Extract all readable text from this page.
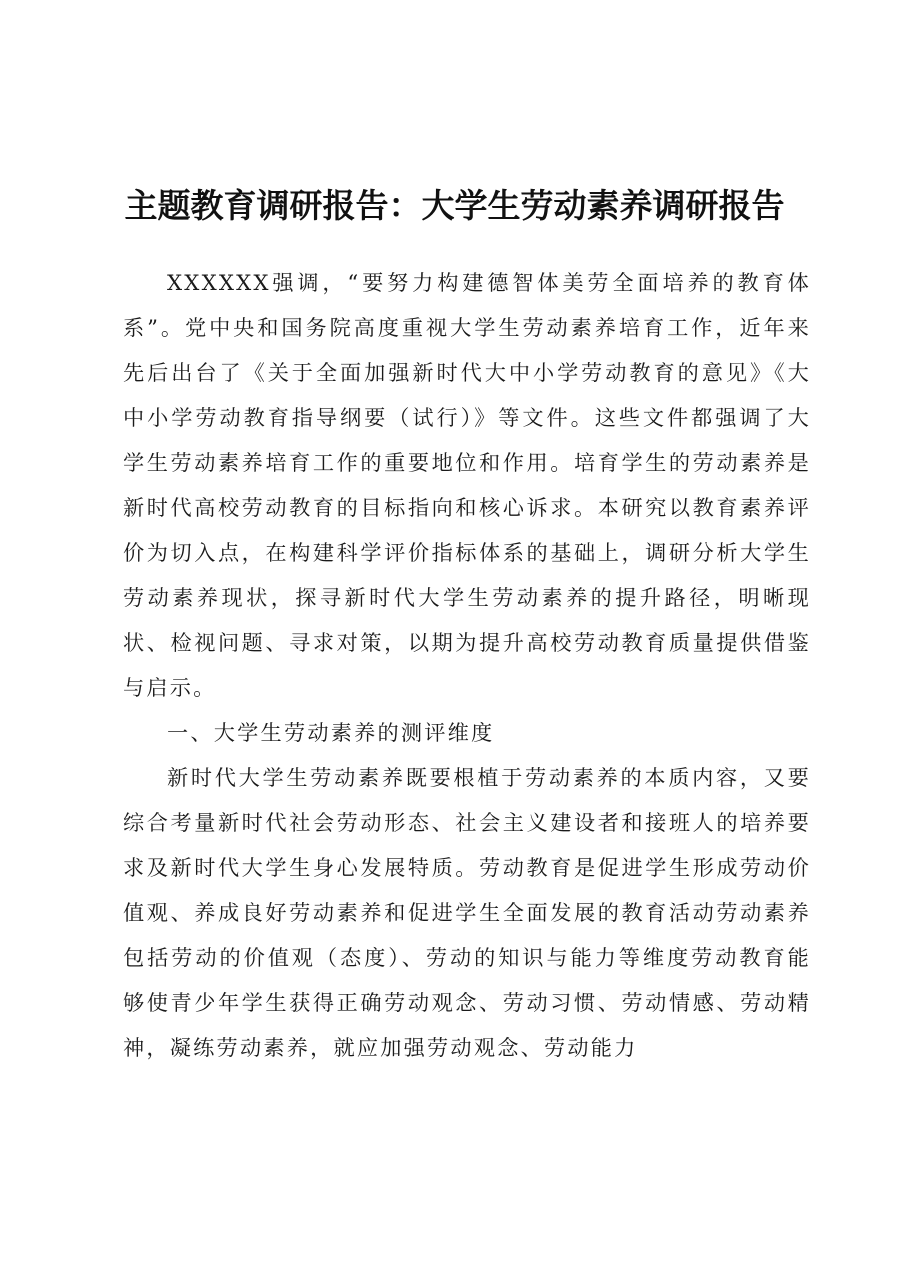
主题教育调研报告：大学生劳动素养调研报告

XXXXXX强调，“要努力构建德智体美劳全面培养的教育体系”。党中央和国务院高度重视大学生劳动素养培育工作，近年来先后出台了《关于全面加强新时代大中小学劳动教育的意见》《大中小学劳动教育指导纲要（试行）》等文件。这些文件都强调了大学生劳动素养培育工作的重要地位和作用。培育学生的劳动素养是新时代高校劳动教育的目标指向和核心诉求。本研究以教育素养评价为切入点，在构建科学评价指标体系的基础上，调研分析大学生劳动素养现状，探寻新时代大学生劳动素养的提升路径，明晰现状、检视问题、寻求对策，以期为提升高校劳动教育质量提供借鉴与启示。

一、大学生劳动素养的测评维度

新时代大学生劳动素养既要根植于劳动素养的本质内容，又要综合考量新时代社会劳动形态、社会主义建设者和接班人的培养要求及新时代大学生身心发展特质。劳动教育是促进学生形成劳动价值观、养成良好劳动素养和促进学生全面发展的教育活动劳动素养包括劳动的价值观（态度）、劳动的知识与能力等维度劳动教育能够使青少年学生获得正确劳动观念、劳动习惯、劳动情感、劳动精神，凝练劳动素养，就应加强劳动观念、劳动能力
